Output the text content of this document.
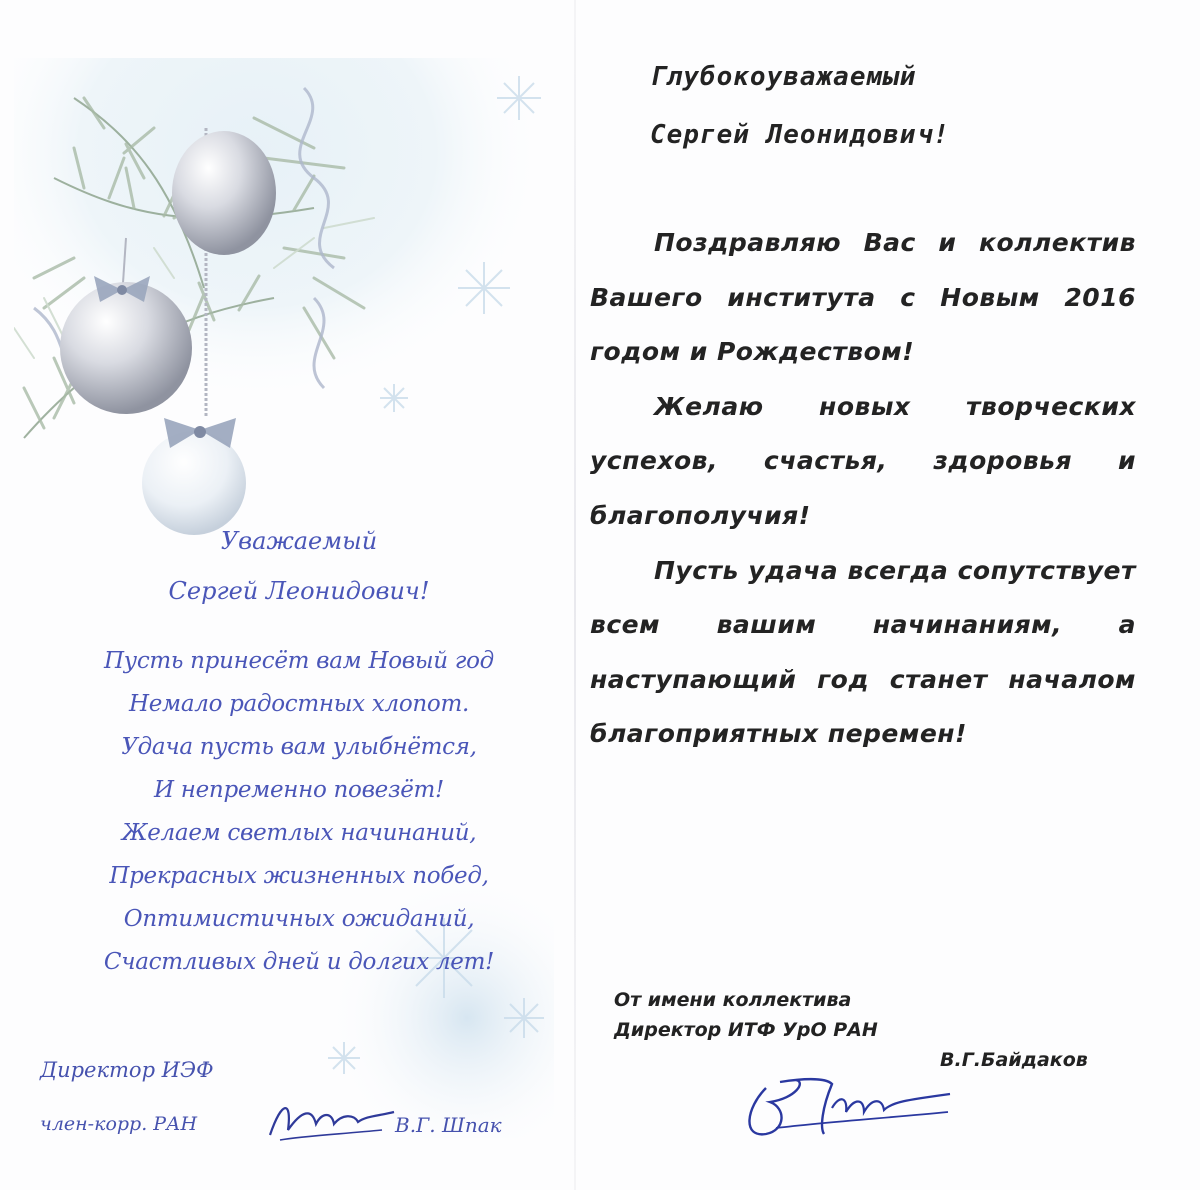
Уважаемый

Сергей Леонидович!

Пусть принесёт вам Новый год

Немало радостных хлопот.

Удача пусть вам улыбнётся,

И непременно повезёт!

Желаем светлых начинаний,

Прекрасных жизненных побед,

Оптимистичных ожиданий,

Счастливых дней и долгих лет!

Директор ИЭФ
член-корр. РАН	В.Г. Шпак
Глубокоуважаемый
Сергей Леонидович!

Поздравляю Вас и коллектив Вашего института с Новым 2016 годом и Рождеством!

Желаю новых творческих успехов, счастья, здоровья и благополучия!

Пусть удача всегда сопутствует всем вашим начинаниям, а наступающий год станет началом благоприятных перемен!

От имени коллектива
Директор ИТФ УрО РАН
В.Г.Байдаков
